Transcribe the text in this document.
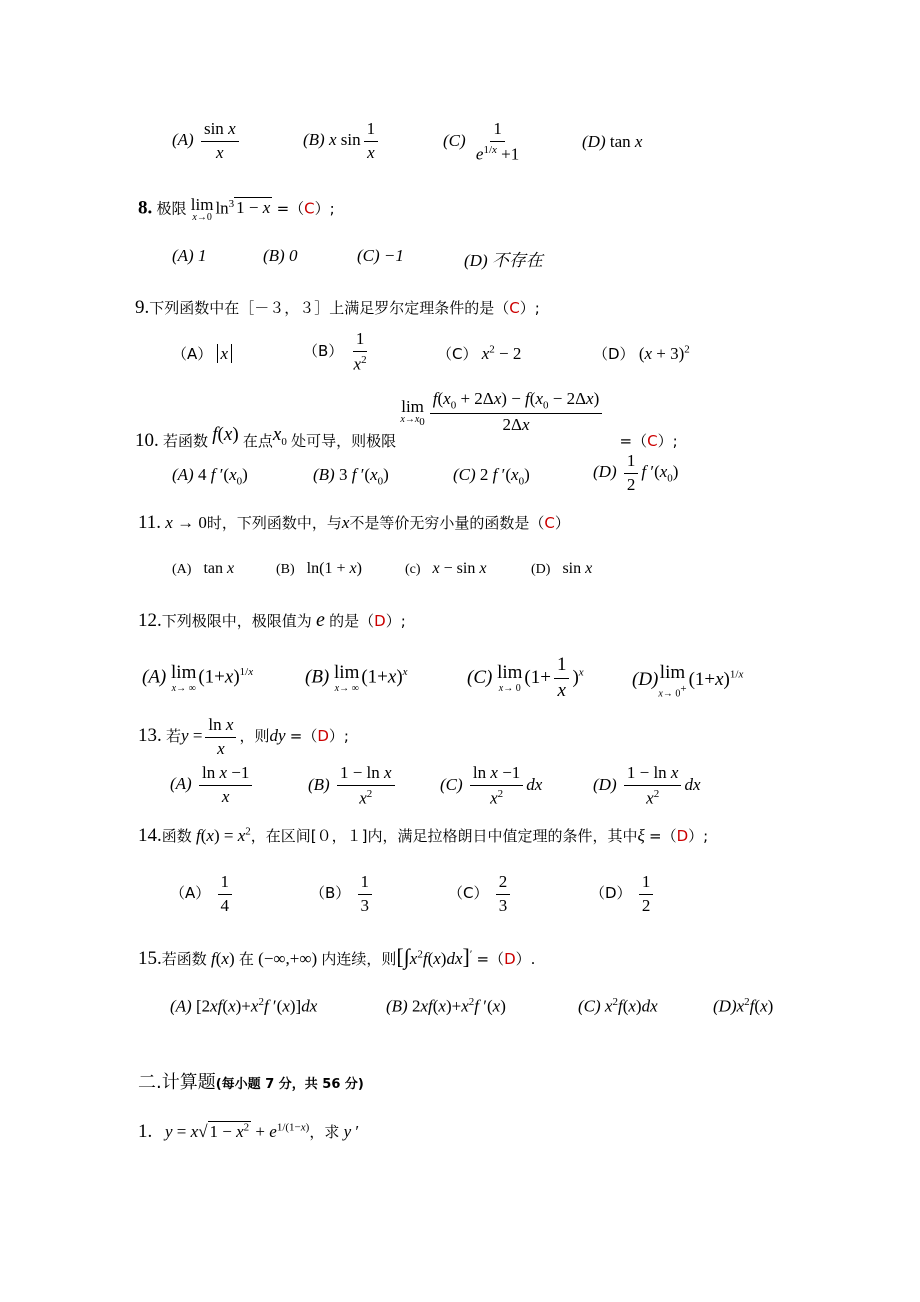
$(A) \frac{\text{sin x}}{x}$	(B) x $\sin \frac{1}{x}$	$(C) \frac{1}{e^{1/x} +1}$	(D) tan x
8. 极限 lim
x→0
$\ln^3 1 - x =(C)$;
(A) 1	(B) 0	(C) −1	(D) 不存在
9.下列函数中在［－３，３］上满足罗尔定理条件的是（C）;
（A） x	$(B) \frac{1}{x^2}$	（C） $x^2 - 2$	（D） $(x + 3)^2$
10. 若函数 f(x) 在点$x_0$ 处可导，则极限
lim
$x\to x_0 \frac{f(x_0 + 2\Delta x) - f(x_0 - 2\Delta x)}{2\Delta x}$
=（C）;
(A) 4 f $'(x_0)$	(B) 3 f $'(x_0)$	(C) 2 f $'(x_0)$	$(D) \frac{1}{2}$ f $'(x_0)$
11. x → 0时，下列函数中，与x不是等价无穷小量的函数是（C）
(A)   tan x	(B)   ln(1 + x)	(c) x − sin x	(D)   sin x
12.下列极限中，极限值为 e 的是（D）;
(A) lim
x→ ∞
$(1+x)^{1/x}$	(B) lim
x→ ∞
$(1+x)^x$	(C) lim
x→ 0
$(1+ \frac{1}{x} )^x$	(D) lim
x→ 0+ $(1+x)^{1/x}$
13. 若$y = \frac{\text{ln x}}{x}$ ，则dy =（D）;
$(A) \frac{\text{ln x −1}}{x}$	$(B) \frac{\text{1 − ln x}}{x^2}$	$(C) \frac{\text{ln x −1}}{x^2}$ dx	$(D) \frac{\text{1 − ln x}}{x^2}$ dx
14.函数 $f(x) = x^2$，在区间[０，１]内，满足拉格朗日中值定理的条件，其中ξ =（D）;
$(A) \frac{1}{4}$	$(B) \frac{1}{3}$	$(C) \frac{2}{3}$	$(D) \frac{1}{2}$
15.若函数 f(x) 在 (−∞,+∞) 内连续，则$[\int x^2f(x)dx]' =(D)$.
(A) [$2xf(x)+x^2f$ ′(x)]dx	(B) $2xf(x)+x^2f$ ′(x)	(C) $x^2f(x)dx$	$(D)x^2f(x)$
二.计算题(每小题 7 分，共 56 分)
1. y = x√ $1 - x^2 + e^{1/(1-x)}$，求 y ′
